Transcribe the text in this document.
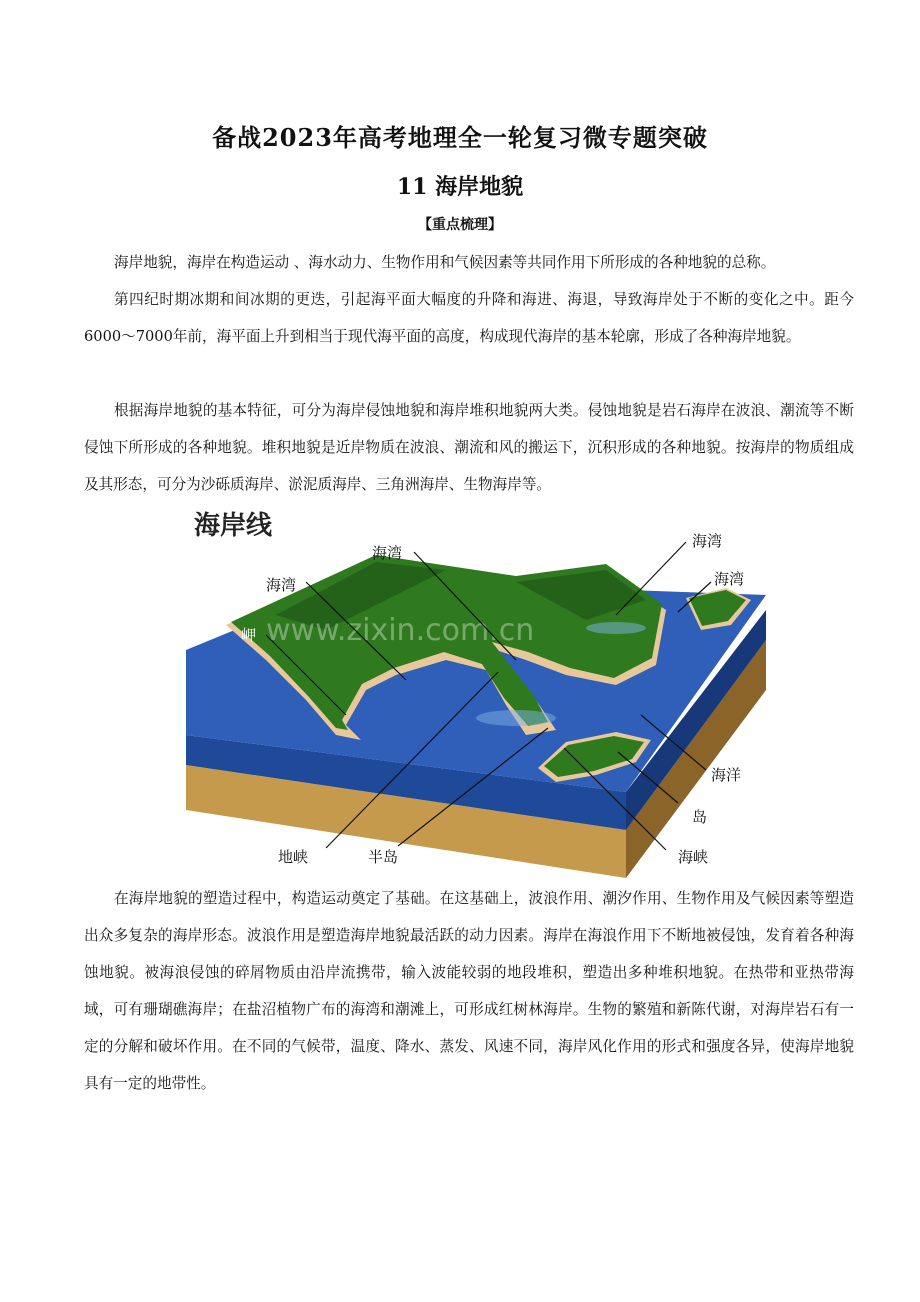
备战2023年高考地理全一轮复习微专题突破
11 海岸地貌
【重点梳理】

海岸地貌，海岸在构造运动 、海水动力、生物作用和气候因素等共同作用下所形成的各种地貌的总称。

第四纪时期冰期和间冰期的更迭，引起海平面大幅度的升降和海进、海退，导致海岸处于不断的变化之中。距今6000～7000年前，海平面上升到相当于现代海平面的高度，构成现代海岸的基本轮廓，形成了各种海岸地貌。

根据海岸地貌的基本特征，可分为海岸侵蚀地貌和海岸堆积地貌两大类。侵蚀地貌是岩石海岸在波浪、潮流等不断侵蚀下所形成的各种地貌。堆积地貌是近岸物质在波浪、潮流和风的搬运下，沉积形成的各种地貌。按海岸的物质组成及其形态，可分为沙砾质海岸、淤泥质海岸、三角洲海岸、生物海岸等。

海岸线
www.zixin.com.cn
海湾
海湾
岬
海湾
海湾
海洋
岛
海峡
地峡	半岛

在海岸地貌的塑造过程中，构造运动奠定了基础。在这基础上，波浪作用、潮汐作用、生物作用及气候因素等塑造出众多复杂的海岸形态。波浪作用是塑造海岸地貌最活跃的动力因素。海岸在海浪作用下不断地被侵蚀，发育着各种海蚀地貌。被海浪侵蚀的碎屑物质由沿岸流携带，输入波能较弱的地段堆积，塑造出多种堆积地貌。在热带和亚热带海域，可有珊瑚礁海岸；在盐沼植物广布的海湾和潮滩上，可形成红树林海岸。生物的繁殖和新陈代谢，对海岸岩石有一定的分解和破坏作用。在不同的气候带，温度、降水、蒸发、风速不同，海岸风化作用的形式和强度各异，使海岸地貌具有一定的地带性。
